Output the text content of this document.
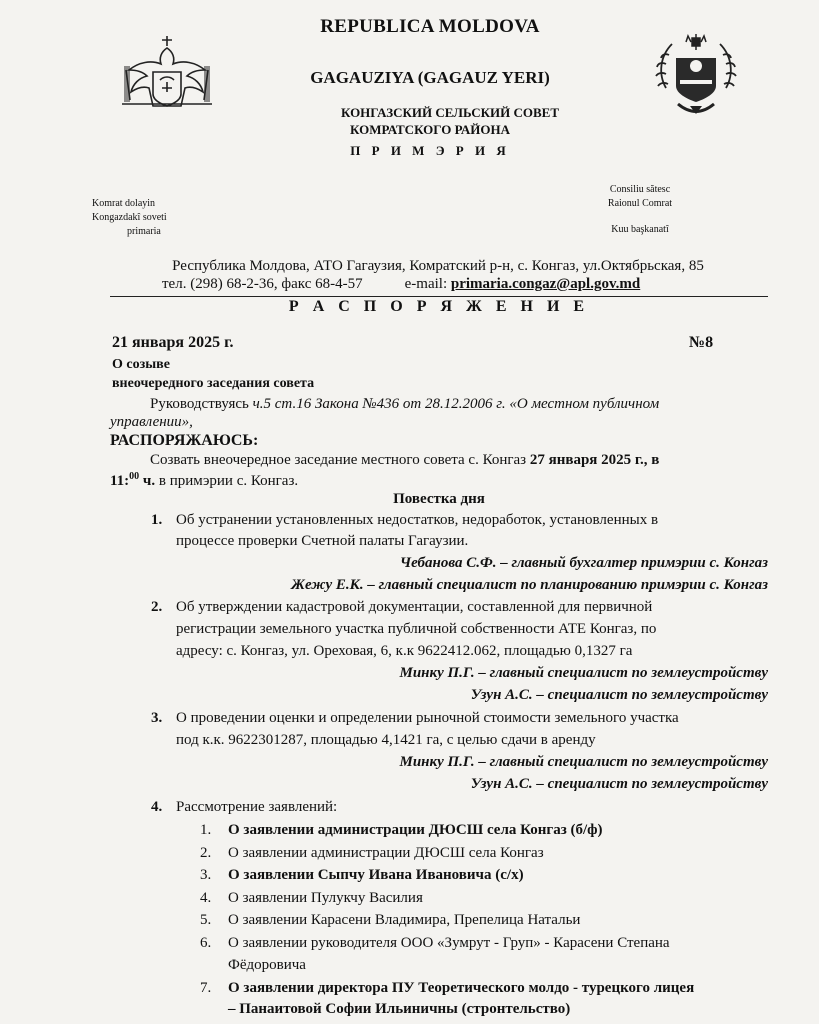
REPUBLICA MOLDOVA
GAGAUZIYA (GAGAUZ YERI)
КОНГАЗСКИЙ СЕЛЬСКИЙ СОВЕТ
КОМРАТСКОГО РАЙОНА
П Р И М Э Р И Я
Komrat dolayin
Kongazdakî soveti
primaria
Consiliu sătesc
Raionul Comrat
Kuu başkanatî
Республика Молдова, АТО Гагаузия, Комратский р-н, с. Конгаз, ул.Октябрьская, 85
тел. (298) 68-2-36, факс 68-4-57	e-mail: primaria.congaz@apl.gov.md
Р А С П О Р Я Ж Е Н И Е
21 января 2025 г.	№8
О созыве
внеочередного заседания совета
Руководствуясь ч.5 ст.16 Закона №436 от 28.12.2006 г. «О местном публичном
управлении»,
РАСПОРЯЖАЮСЬ:
Созвать внеочередное заседание местного совета с. Конгаз 27 января 2025 г., в
11:$^{00}$ ч. в примэрии с. Конгаз.
Повестка дня
1. Об устранении установленных недостатков, недоработок, установленных в
процессе проверки Счетной палаты Гагаузии.
Чебанова С.Ф. – главный бухгалтер примэрии с. Конгаз
Жежу Е.К. – главный специалист по планированию примэрии с. Конгаз
2. Об утверждении кадастровой документации, составленной для первичной
регистрации земельного участка публичной собственности АТЕ Конгаз, по
адресу: с. Конгаз, ул. Ореховая, 6, к.к 9622412.062, площадью 0,1327 га
Минку П.Г. – главный специалист по землеустройству
Узун А.С. – специалист по землеустройству
3. О проведении оценки и определении рыночной стоимости земельного участка
под к.к. 9622301287, площадью 4,1421 га, с целью сдачи в аренду
Минку П.Г. – главный специалист по землеустройству
Узун А.С. – специалист по землеустройству
4. Рассмотрение заявлений:
1. О заявлении администрации ДЮСШ села Конгаз (б/ф)
2. О заявлении администрации ДЮСШ села Конгаз
3. О заявлении Сыпчу Ивана Ивановича (с/х)
4. О заявлении Пулукчу Василия
5. О заявлении Карасени Владимира, Препелица Натальи
6. О заявлении руководителя ООО «Зумрут - Груп» - Карасени Степана
Фёдоровича
7. О заявлении директора ПУ Теоретического молдо - турецкого лицея
– Панаитовой Софии Ильиничны (стронтельство)
